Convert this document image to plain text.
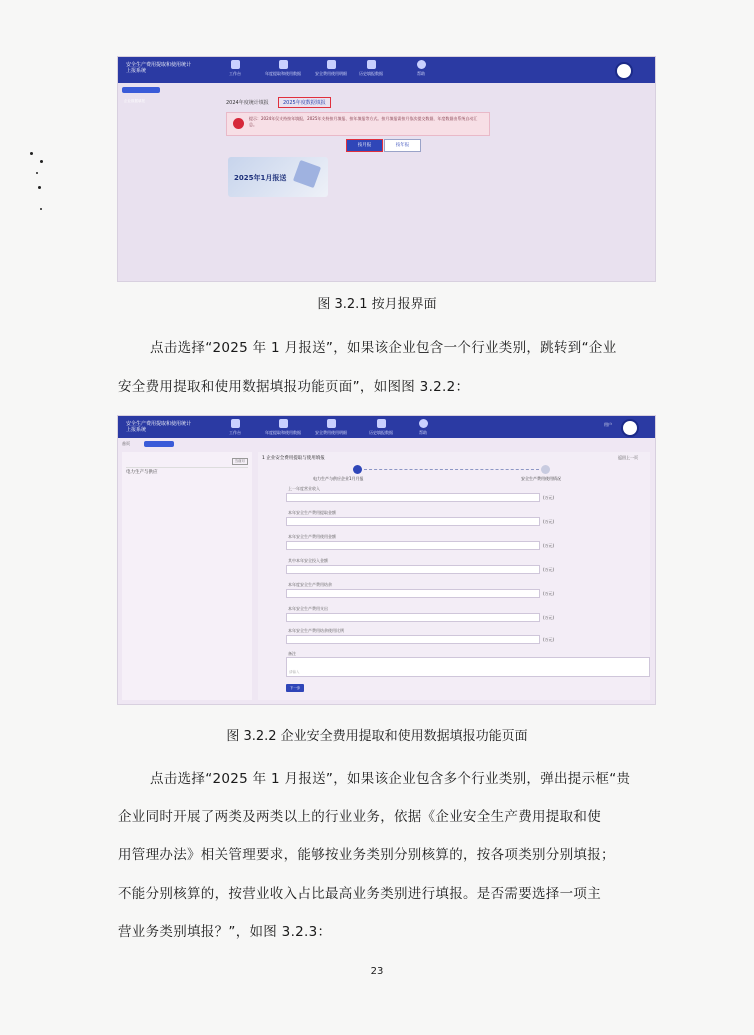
安全生产费用提取和使用统计
上报系统	工作台	年度提取和使用数据	安全费用使用明细	历史填报数据	帮助
企业数据填报	2024年度统计填报	2025年度数据填报
提示：2024年仅支持按年填报，2025年支持按月填报、按年填报等方式。按月填报需按月依次提交数据，年度数据由系统自动汇总。
按月报	按年报
2025年1月报送
图 3.2.1 按月报界面
点击选择“2025 年 1 月报送”，如果该企业包含一个行业类别，跳转到“企业
安全费用提取和使用数据填报功能页面”，如图图 3.2.2：
安全生产费用提取和使用统计
上报系统	工作台	年度提取和使用数据	安全费用使用明细	历史填报数据	帮助
用户
首页
电力生产与供应
当前月	1 企业安全费用提取与使用填报	返回上一页
电力生产与供应企业1月月报	安全生产费用使用情况
上一年度营业收入
(万元)
本年安全生产费用提取金额
(万元)
本年安全生产费用使用金额
(万元)
其中本年安全投入金额
(万元)
本年度安全生产费用结余
(万元)
本年安全生产费用支出
(万元)
本年安全生产费用结余使用比例
(万元)
备注
请输入
下一步
图 3.2.2 企业安全费用提取和使用数据填报功能页面
点击选择“2025 年 1 月报送”，如果该企业包含多个行业类别，弹出提示框“贵
企业同时开展了两类及两类以上的行业业务，依据《企业安全生产费用提取和使
用管理办法》相关管理要求，能够按业务类别分别核算的，按各项类别分别填报；
不能分别核算的，按营业收入占比最高业务类别进行填报。是否需要选择一项主
营业务类别填报？”，如图 3.2.3：
23
